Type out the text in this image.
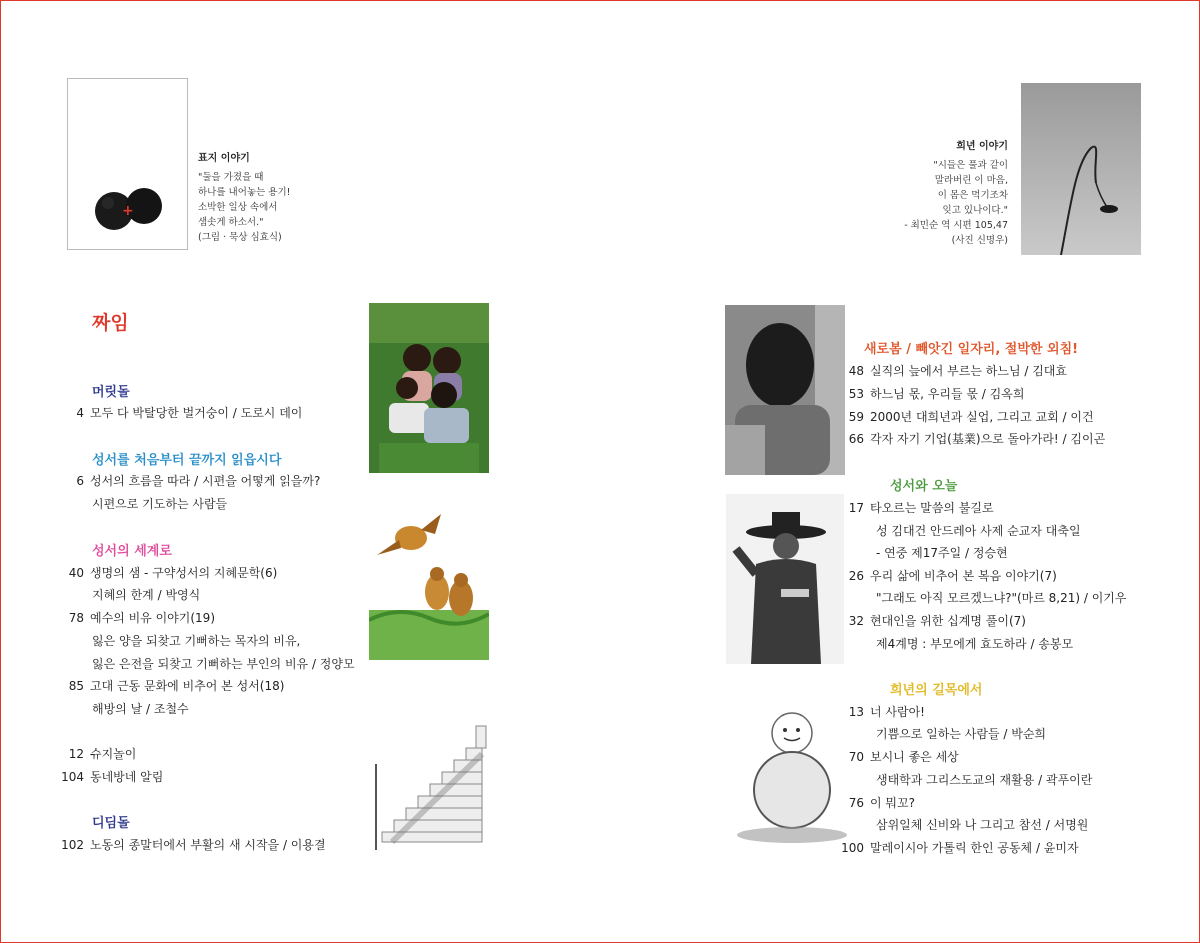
+
표지 이야기
"둘을 가졌을 때
하나를 내어놓는 용기!
소박한 일상 속에서
샘솟게 하소서."
(그림 · 묵상 심효식)
희년 이야기
"시들은 풀과 같이
말라버린 이 마음,
이 몸은 먹기조차
잊고 있나이다."
- 최민순 역 시편 105,47
(사진 신명우)
짜임
머릿돌
4 모두 다 박탈당한 벌거숭이 / 도로시 데이
성서를 처음부터 끝까지 읽읍시다
6 성서의 흐름을 따라 / 시편을 어떻게 읽을까?
시편으로 기도하는 사람들
성서의 세계로
40 생명의 샘 - 구약성서의 지혜문학(6)
지혜의 한계 / 박영식
78 예수의 비유 이야기(19)
잃은 양을 되찾고 기뻐하는 목자의 비유,
잃은 은전을 되찾고 기뻐하는 부인의 비유 / 정양모
85 고대 근동 문화에 비추어 본 성서(18)
해방의 날 / 조철수
12 슈지놀이
104 동네방네 알림
디딤돌
102 노동의 종말터에서 부활의 새 시작을 / 이용결
새로봄 / 빼앗긴 일자리, 절박한 외침!
48 실직의 늪에서 부르는 하느님 / 김대효
53 하느님 몫, 우리들 몫 / 김옥희
59 2000년 대희년과 실업, 그리고 교회 / 이건
66 각자 자기 기업(基業)으로 돌아가라! / 김이곤
성서와 오늘
17 타오르는 말씀의 불길로
성 김대건 안드레아 사제 순교자 대축일
- 연중 제17주일 / 정승현
26 우리 삶에 비추어 본 복음 이야기(7)
"그래도 아직 모르겠느냐?"(마르 8,21) / 이기우
32 현대인을 위한 십계명 풀이(7)
제4계명 : 부모에게 효도하라 / 송봉모
희년의 길목에서
13 너 사람아!
기쁨으로 일하는 사람들 / 박순희
70 보시니 좋은 세상
생태학과 그리스도교의 재활용 / 곽푸이란
76 이 뭐꼬?
삼위일체 신비와 나 그리고 참선 / 서명원
100 말레이시아 가톨릭 한인 공동체 / 윤미자
